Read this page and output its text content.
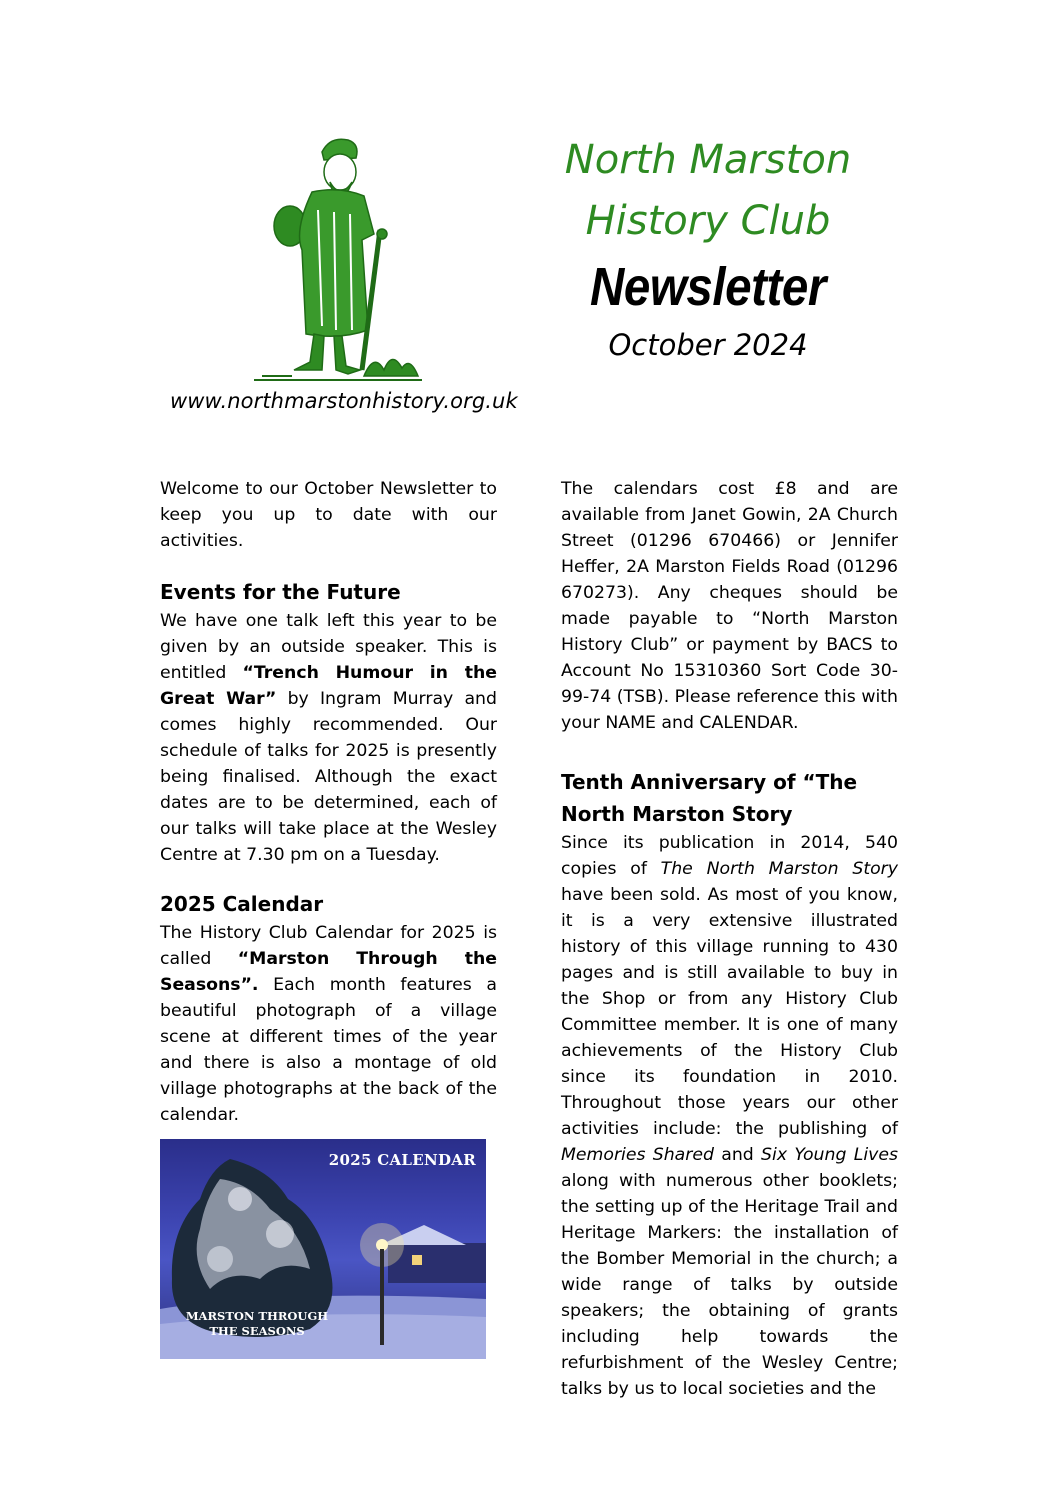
North Marston
History Club
Newsletter
October 2024
www.northmarstonhistory.org.uk

Welcome to our October Newsletter to keep you up to date with our activities.

Events for the Future

We have one talk left this year to be given by an outside speaker. This is entitled “Trench Humour in the Great War” by Ingram Murray and comes highly recommended. Our schedule of talks for 2025 is presently being finalised. Although the exact dates are to be determined, each of our talks will take place at the Wesley Centre at 7.30 pm on a Tuesday.

2025 Calendar

The History Club Calendar for 2025 is called “Marston Through the Seasons”. Each month features a beautiful photograph of a village scene at different times of the year and there is also a montage of old village photographs at the back of the calendar.

2025 CALENDAR
MARSTON THROUGH THE SEASONS

The calendars cost £8 and are available from Janet Gowin, 2A Church Street (01296 670466) or Jennifer Heffer, 2A Marston Fields Road (01296 670273). Any cheques should be made payable to “North Marston History Club” or payment by BACS to Account No 15310360 Sort Code 30-99-74 (TSB). Please reference this with your NAME and CALENDAR.

Tenth Anniversary of “The North Marston Story

Since its publication in 2014, 540 copies of The North Marston Story have been sold. As most of you know, it is a very extensive illustrated history of this village running to 430 pages and is still available to buy in the Shop or from any History Club Committee member. It is one of many achievements of the History Club since its foundation in 2010. Throughout those years our other activities include: the publishing of Memories Shared and Six Young Lives along with numerous other booklets; the setting up of the Heritage Trail and Heritage Markers: the installation of the Bomber Memorial in the church; a wide range of talks by outside speakers; the obtaining of grants including help towards the refurbishment of the Wesley Centre; talks by us to local societies and the
